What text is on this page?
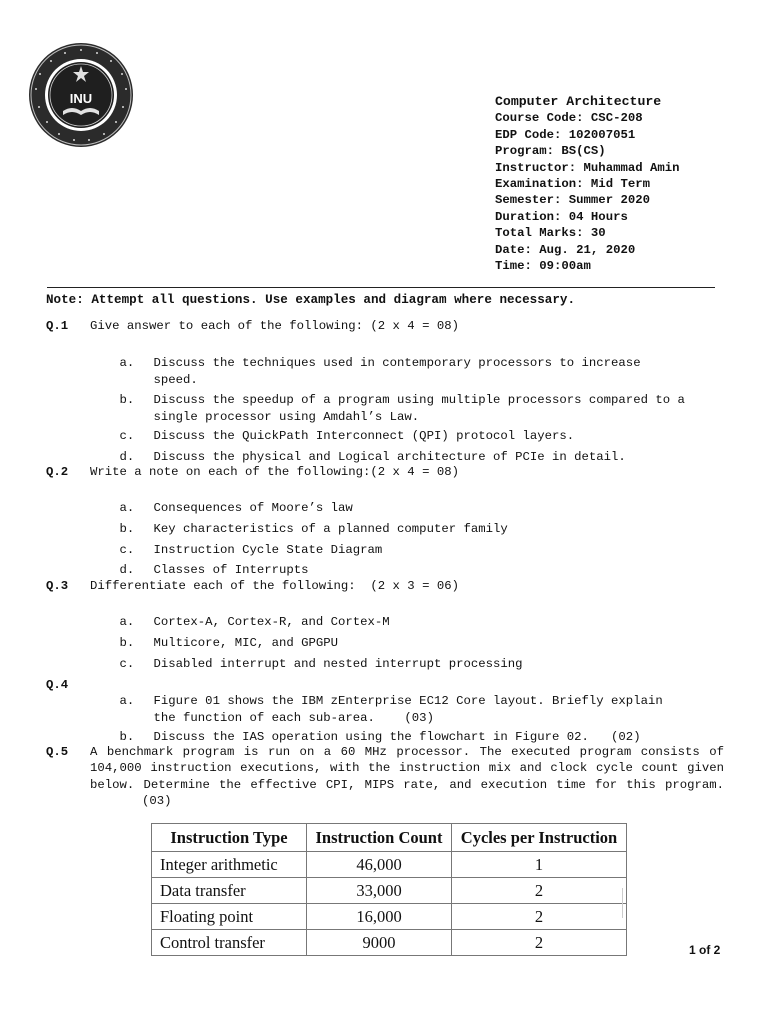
INU	Computer Architecture
Course Code: CSC-208
EDP Code: 102007051
Program: BS(CS)
Instructor: Muhammad Amin
Examination: Mid Term
Semester: Summer 2020
Duration: 04 Hours
Total Marks: 30
Date: Aug. 21, 2020
Time: 09:00am
Note: Attempt all questions. Use examples and diagram where necessary.
Q.1 Give answer to each of the following: (2 x 4 = 08)

a. Discuss the techniques used in contemporary processors to increase
speed.

b. Discuss the speedup of a program using multiple processors compared to a
single processor using Amdahl’s Law.

c. Discuss the QuickPath Interconnect (QPI) protocol layers.

d. Discuss the physical and Logical architecture of PCIe in detail.

Q.2 Write a note on each of the following:(2 x 4 = 08)

a. Consequences of Moore’s law

b. Key characteristics of a planned computer family

c. Instruction Cycle State Diagram

d. Classes of Interrupts

Q.3 Differentiate each of the following:  (2 x 3 = 06)

a. Cortex-A, Cortex-R, and Cortex-M

b. Multicore, MIC, and GPGPU

c. Disabled interrupt and nested interrupt processing

Q.4

a. Figure 01 shows the IBM zEnterprise EC12 Core layout. Briefly explain
the function of each sub-area.    (03)

b. Discuss the IAS operation using the flowchart in Figure 02.   (02)

Q.5 A benchmark program is run on a 60 MHz processor. The executed program consists of 104,000 instruction executions, with the instruction mix and clock cycle count given below. Determine the effective CPI, MIPS rate, and execution time for this program.(03)
Instruction Type	Instruction Count	Cycles per Instruction
Integer arithmetic	46,000	1
Data transfer	33,000	2
Floating point	16,000	2
Control transfer	9000	2	1 of 2
